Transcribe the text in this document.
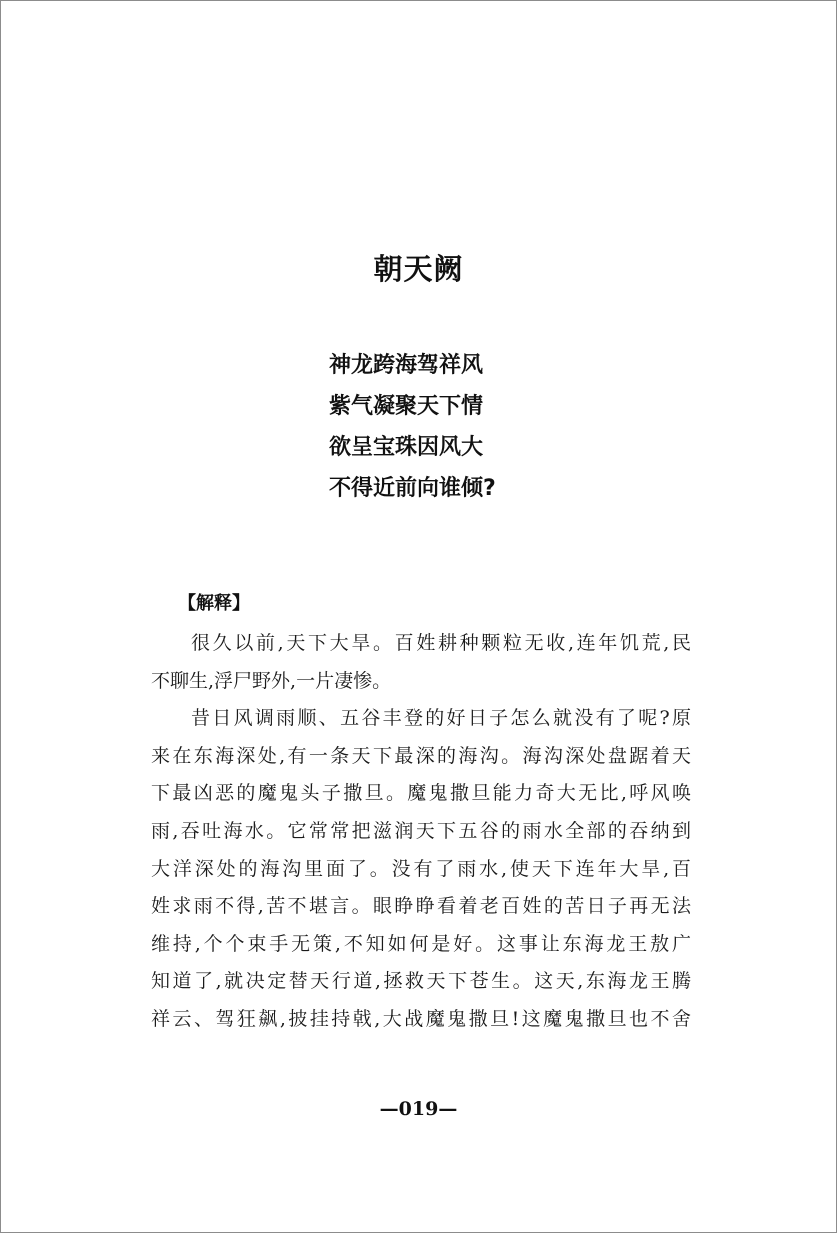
朝天阙
神龙跨海驾祥风
紫气凝聚天下情
欲呈宝珠因风大
不得近前向谁倾?
【解释】
很久以前,天下大旱。百姓耕种颗粒无收,连年饥荒,民
不聊生,浮尸野外,一片凄惨。
昔日风调雨顺、五谷丰登的好日子怎么就没有了呢?原
来在东海深处,有一条天下最深的海沟。海沟深处盘踞着天
下最凶恶的魔鬼头子撒旦。魔鬼撒旦能力奇大无比,呼风唤
雨,吞吐海水。它常常把滋润天下五谷的雨水全部的吞纳到
大洋深处的海沟里面了。没有了雨水,使天下连年大旱,百
姓求雨不得,苦不堪言。眼睁睁看着老百姓的苦日子再无法
维持,个个束手无策,不知如何是好。这事让东海龙王敖广
知道了,就决定替天行道,拯救天下苍生。这天,东海龙王腾
祥云、驾狂飙,披挂持戟,大战魔鬼撒旦!这魔鬼撒旦也不舍
—019—
